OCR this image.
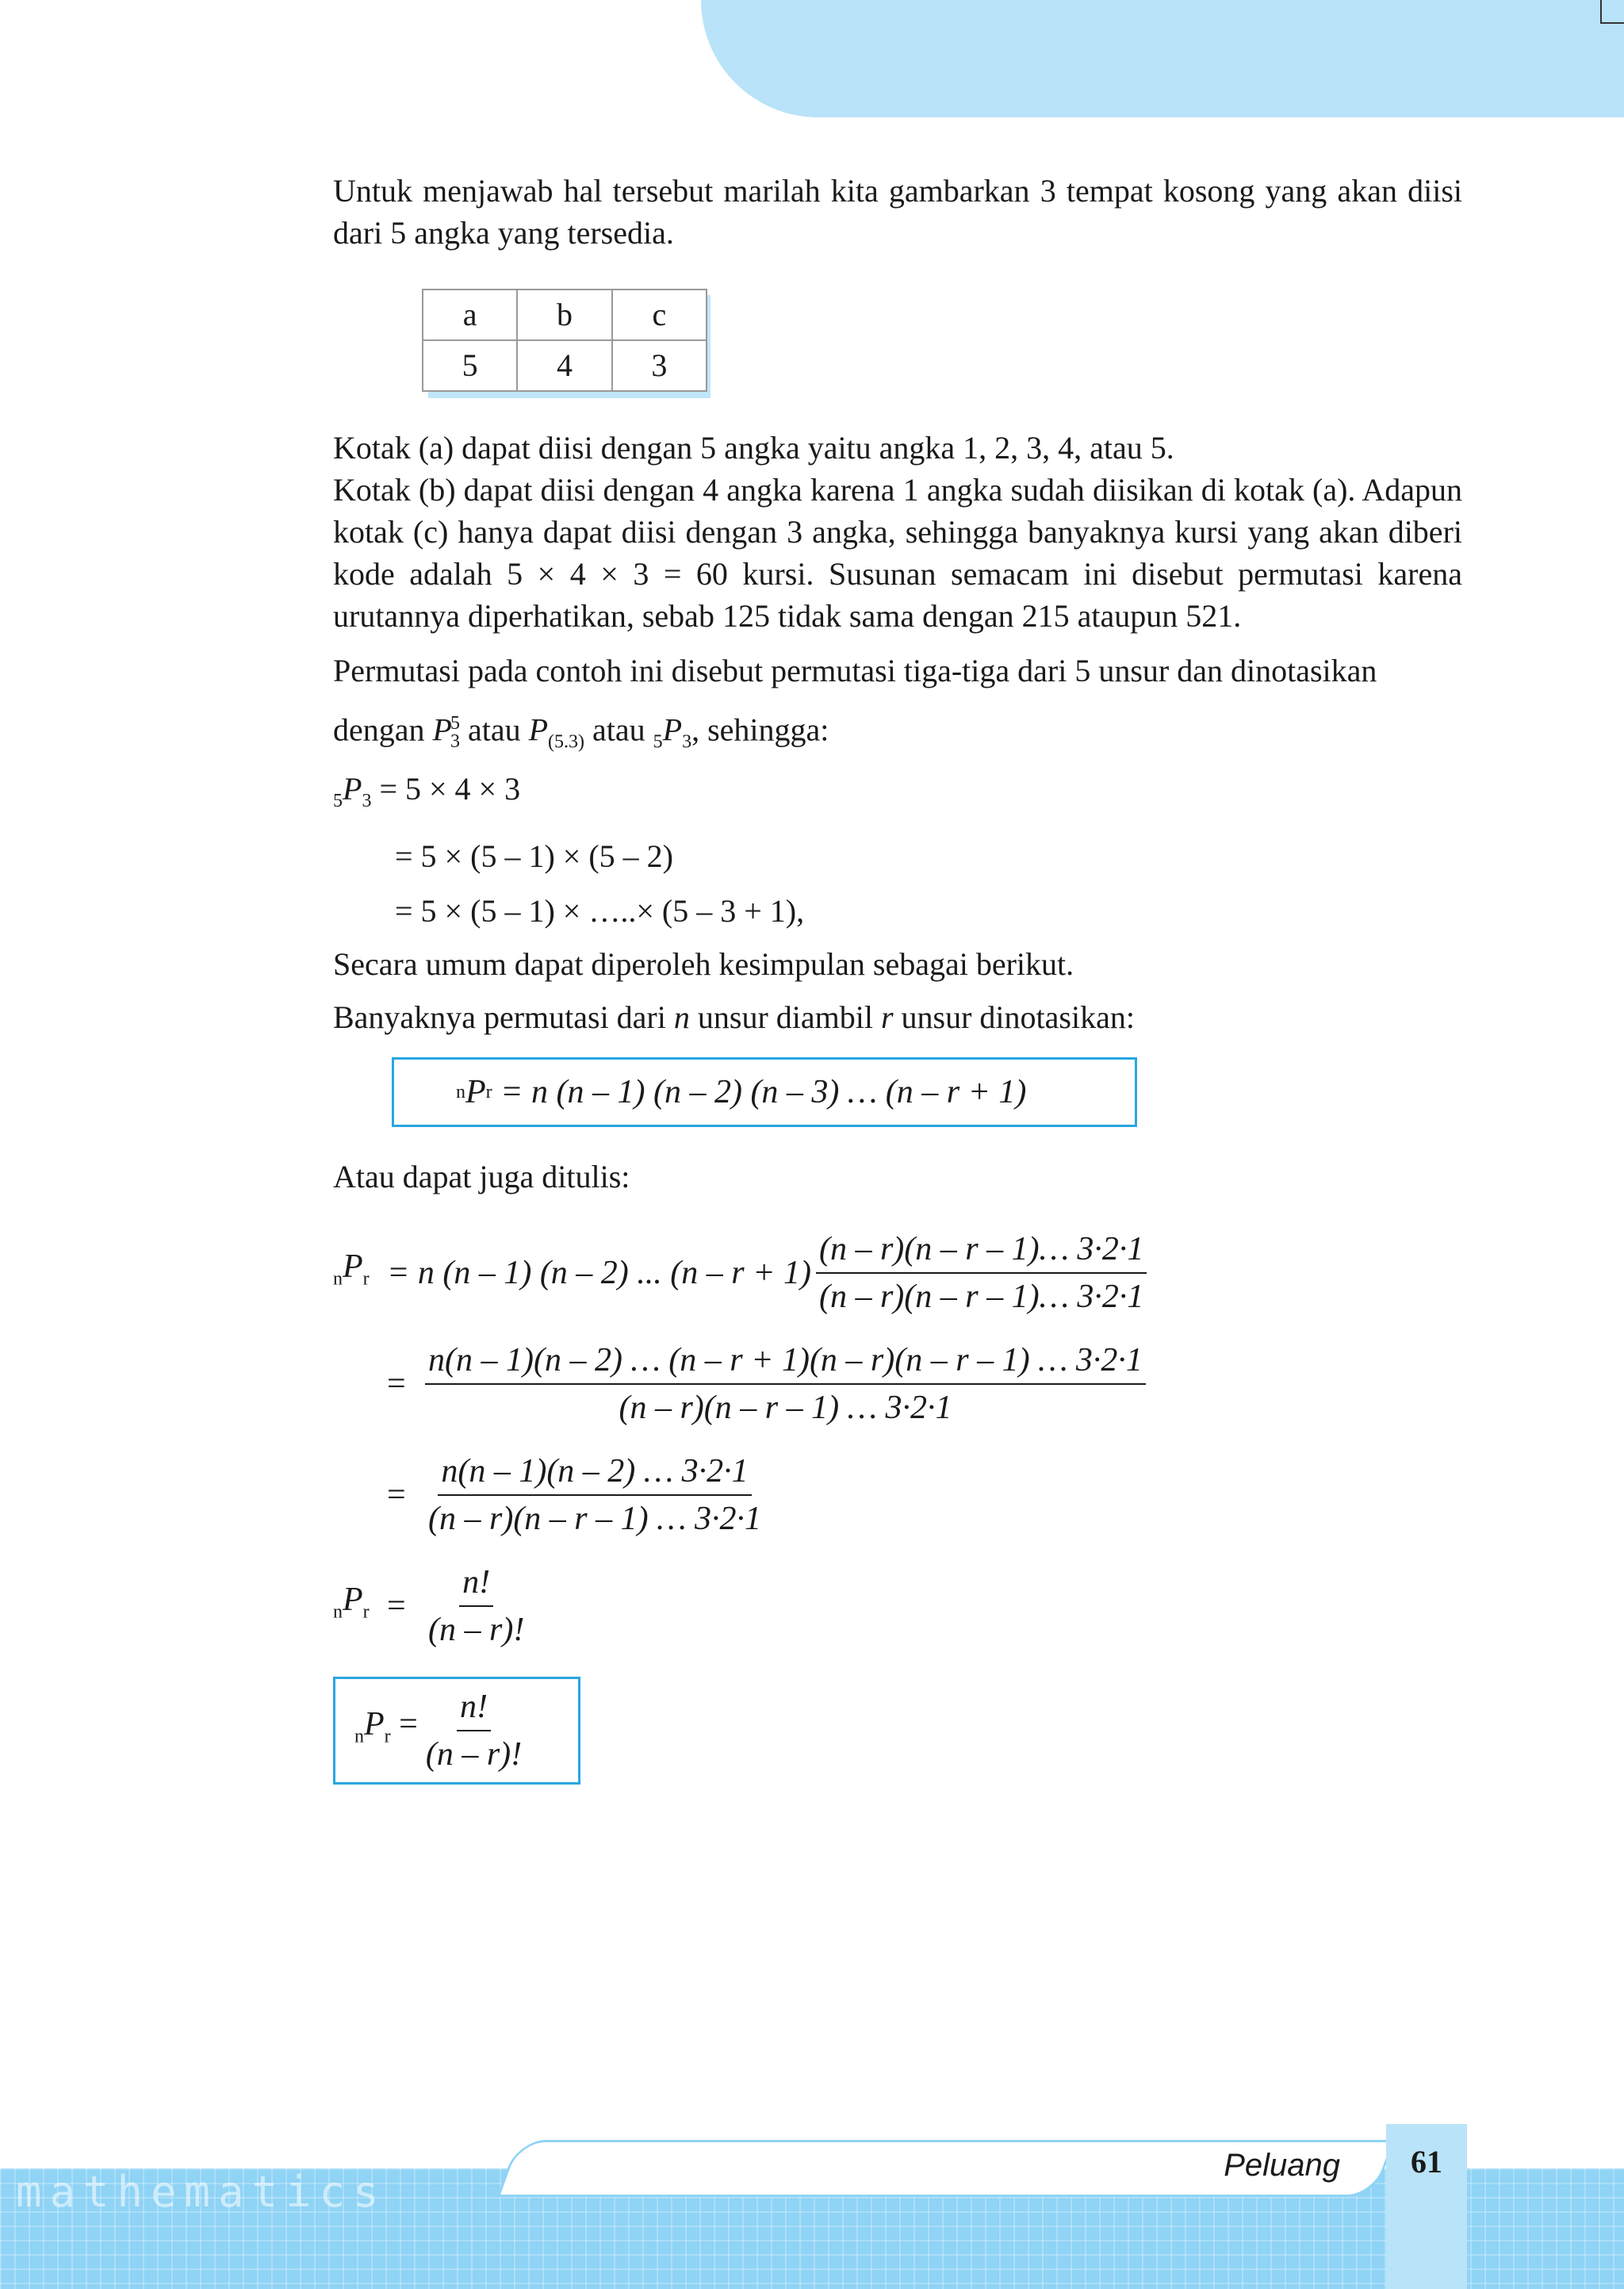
Untuk menjawab hal tersebut marilah kita gambarkan 3 tempat kosong yang akan diisi dari 5 angka yang tersedia.

a	b	c
5	4	3

Kotak (a) dapat diisi dengan 5 angka yaitu angka 1, 2, 3, 4, atau 5.

Kotak (b) dapat diisi dengan 4 angka karena 1 angka sudah diisikan di kotak (a). Adapun kotak (c) hanya dapat diisi dengan 3 angka, sehingga banyaknya kursi yang akan diberi kode adalah 5 × 4 × 3 = 60 kursi. Susunan semacam ini disebut permutasi karena urutannya diperhatikan, sebab 125 tidak sama dengan 215 ataupun 521.

Permutasi pada contoh ini disebut permutasi tiga-tiga dari 5 unsur dan dinotasikan

dengan $P^5_3$ atau $P_{(5.3)}$ atau $_5P_3$, sehingga:

$_5P_3 = 5 \times 4 \times 3$

= 5 × (5 – 1) × (5 – 2)

= 5 × (5 – 1) × …..× (5 – 3 + 1),

Secara umum dapat diperoleh kesimpulan sebagai berikut.

Banyaknya permutasi dari n unsur diambil r unsur dinotasikan:

n P r
= n (n – 1) (n – 2) (n – 3) … (n – r + 1)

Atau dapat juga ditulis:

$_nP_r = n$ (n – 1) (n – 2) ... $(n - r + 1) \frac{(n - r)(n - r - 1)\dots 3\cdot 2\cdot 1}{(n - r)(n - r - 1)\dots 3\cdot 2\cdot 1}$
= $\frac{n(n - 1)(n - 2) \dots (n - r + 1)(n - r)(n - r - 1) \dots 3\cdot 2\cdot 1}{(n - r)(n - r - 1) \dots 3\cdot 2\cdot 1}$
= $\frac{n(n - 1)(n - 2) \dots 3\cdot 2\cdot 1}{(n - r)(n - r - 1) \dots 3\cdot 2\cdot 1}$
$_nP_r = \frac{n!}{(n - r)!}$
$_nP_r = \frac{n!}{(n - r)!}$
mathematics
Peluang	61
